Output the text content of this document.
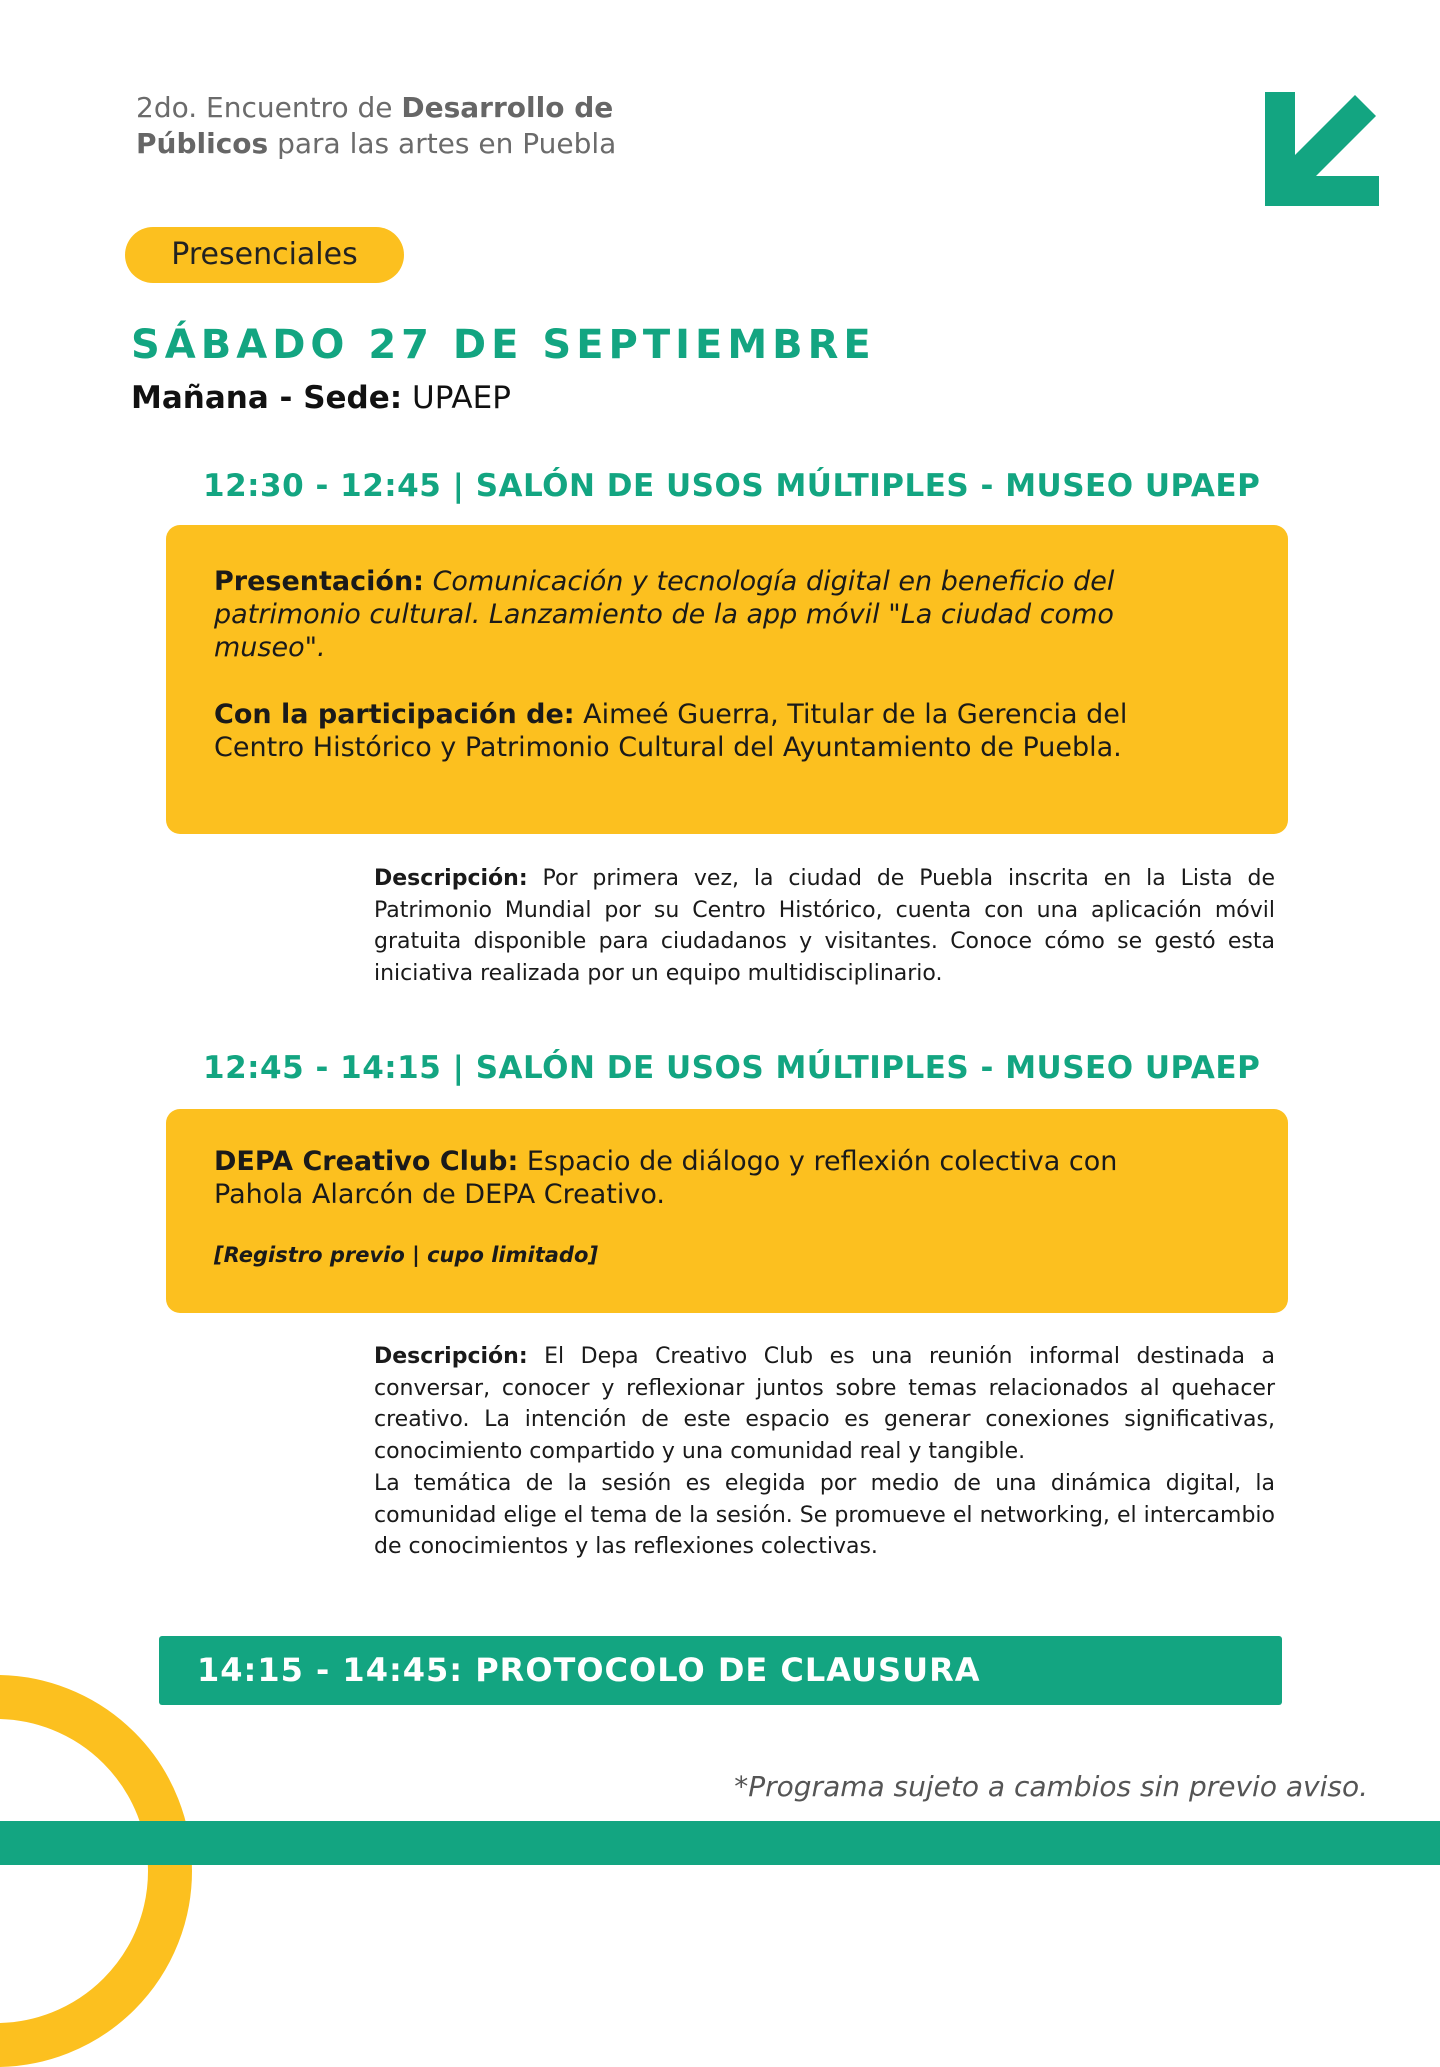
2do. Encuentro de Desarrollo de
Públicos para las artes en Puebla
Presenciales
SÁBADO 27 DE SEPTIEMBRE
Mañana - Sede: UPAEP
12:30 - 12:45 | SALÓN DE USOS MÚLTIPLES - MUSEO UPAEP

Presentación: Comunicación y tecnología digital en beneficio del patrimonio cultural. Lanzamiento de la app móvil "La ciudad como museo".

Con la participación de: Aimeé Guerra, Titular de la Gerencia del Centro Histórico y Patrimonio Cultural del Ayuntamiento de Puebla.

Descripción: Por primera vez, la ciudad de Puebla inscrita en la Lista de Patrimonio Mundial por su Centro Histórico, cuenta con una aplicación móvil gratuita disponible para ciudadanos y visitantes. Conoce cómo se gestó esta iniciativa realizada por un equipo multidisciplinario.

12:45 - 14:15 | SALÓN DE USOS MÚLTIPLES - MUSEO UPAEP

DEPA Creativo Club: Espacio de diálogo y reflexión colectiva con Pahola Alarcón de DEPA Creativo.

[Registro previo | cupo limitado]

Descripción: El Depa Creativo Club es una reunión informal destinada a conversar, conocer y reflexionar juntos sobre temas relacionados al quehacer creativo. La intención de este espacio es generar conexiones significativas, conocimiento compartido y una comunidad real y tangible.

La temática de la sesión es elegida por medio de una dinámica digital, la comunidad elige el tema de la sesión. Se promueve el networking, el intercambio de conocimientos y las reflexiones colectivas.

14:15 - 14:45: PROTOCOLO DE CLAUSURA
*Programa sujeto a cambios sin previo aviso.
